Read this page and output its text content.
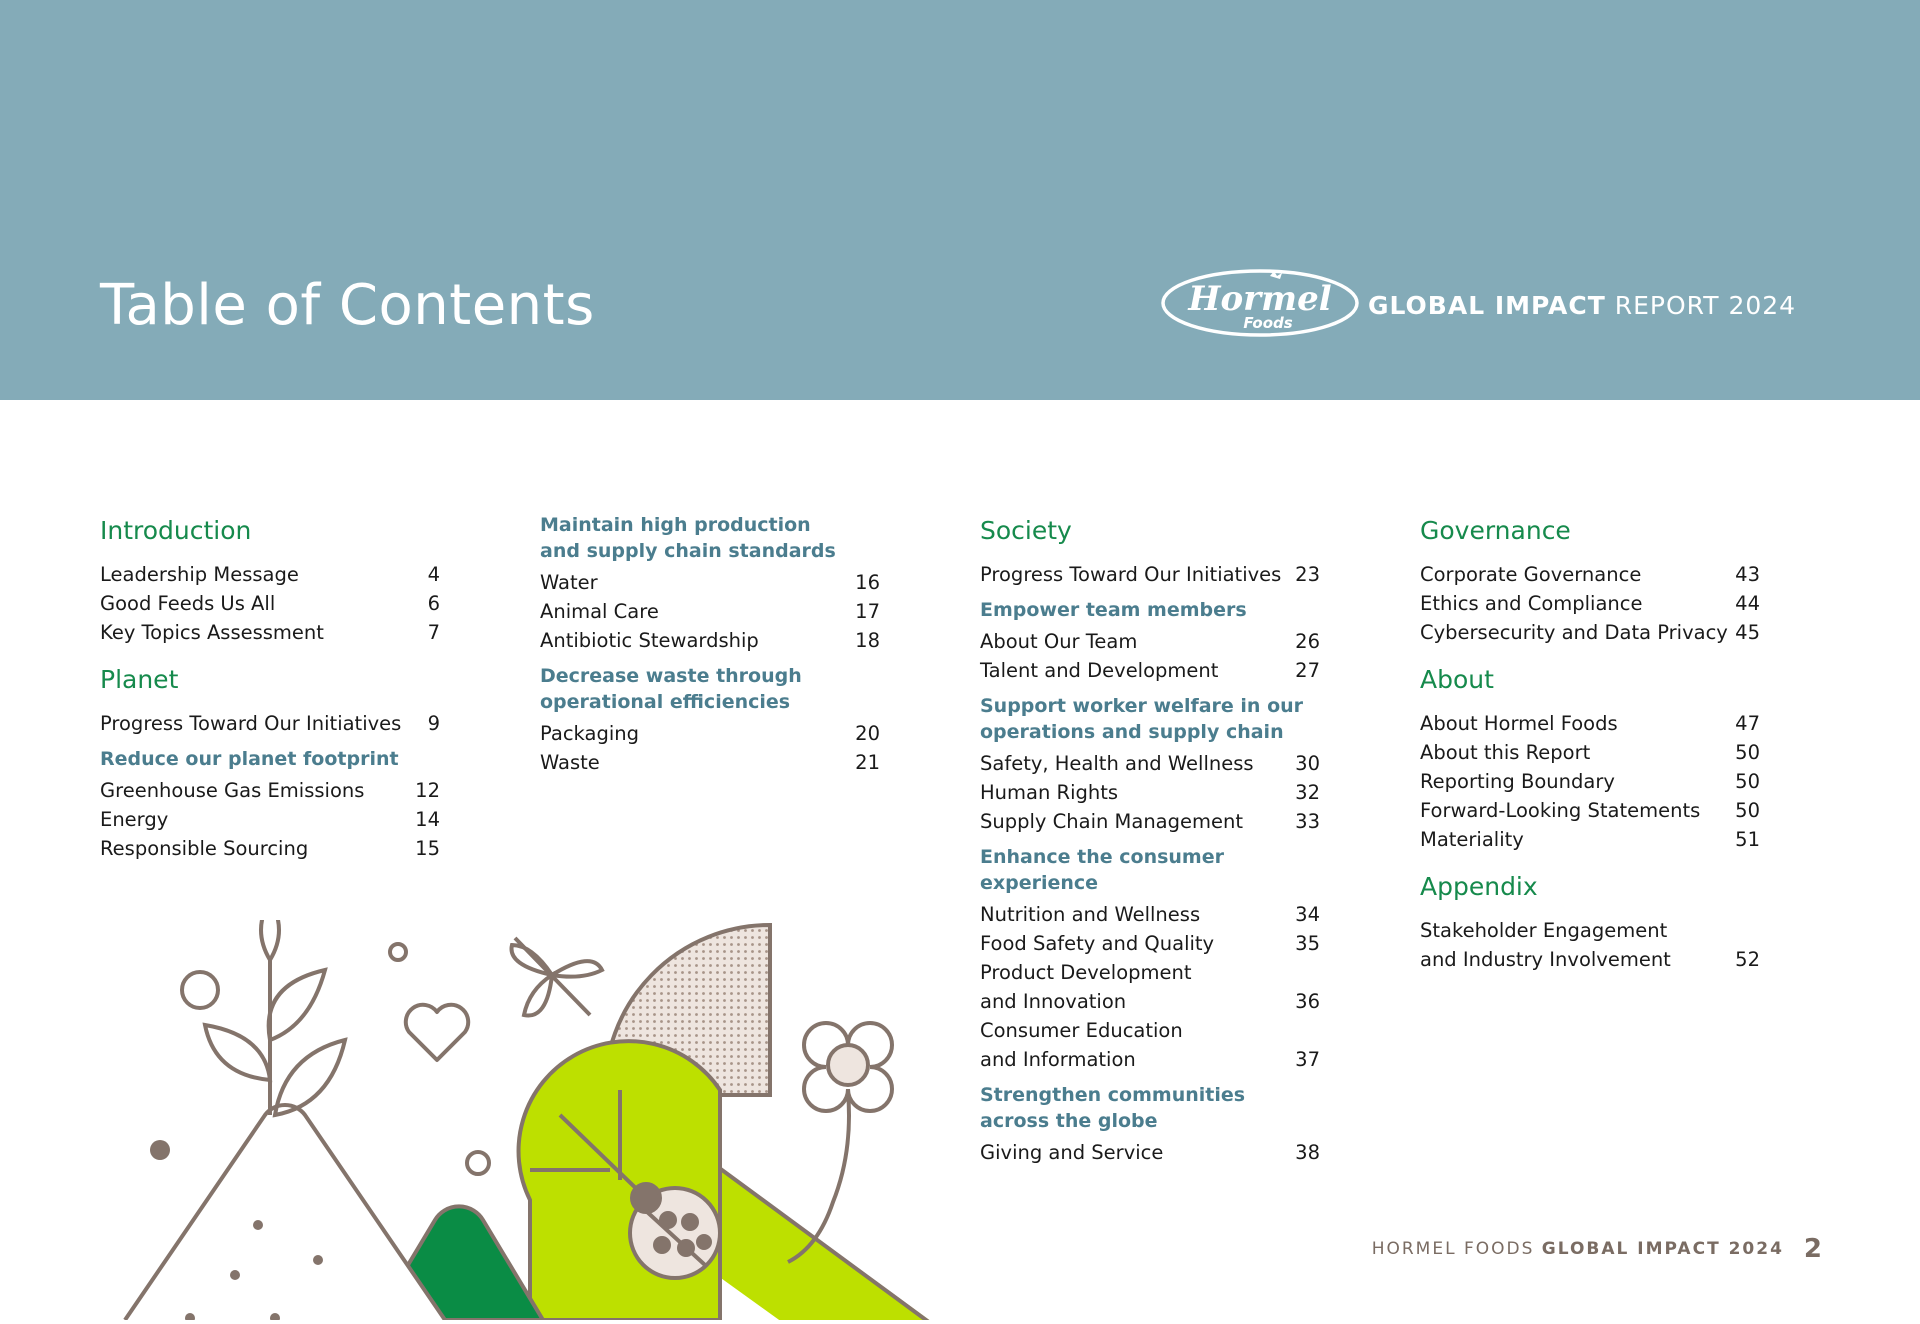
Table of Contents	Hormel
Foods
GLOBAL IMPACT REPORT 2024
Introduction
Leadership Message	4
Good Feeds Us All	6
Key Topics Assessment	7
Planet
Progress Toward Our Initiatives	9
Reduce our planet footprint
Greenhouse Gas Emissions	12
Energy	14
Responsible Sourcing	15
Maintain high production
and supply chain standards
Water	16
Animal Care	17
Antibiotic Stewardship	18
Decrease waste through
operational efficiencies
Packaging	20
Waste	21
Society
Progress Toward Our Initiatives 23
Empower team members
About Our Team	26
Talent and Development	27
Support worker welfare in our
operations and supply chain
Safety, Health and Wellness 30
Human Rights	32
Supply Chain Management	33
Enhance the consumer experience
Nutrition and Wellness	34
Food Safety and Quality	35
Product Development
and Innovation	36
Consumer Education
and Information	37
Strengthen communities
across the globe
Giving and Service	38
Governance
Corporate Governance	43
Ethics and Compliance	44
Cybersecurity and Data Privacy 45
About
About Hormel Foods	47
About this Report	50
Reporting Boundary	50
Forward-Looking Statements 50
Materiality	51
Appendix
Stakeholder Engagement
and Industry Involvement	52
HORMEL FOODS GLOBAL IMPACT 2024 2
